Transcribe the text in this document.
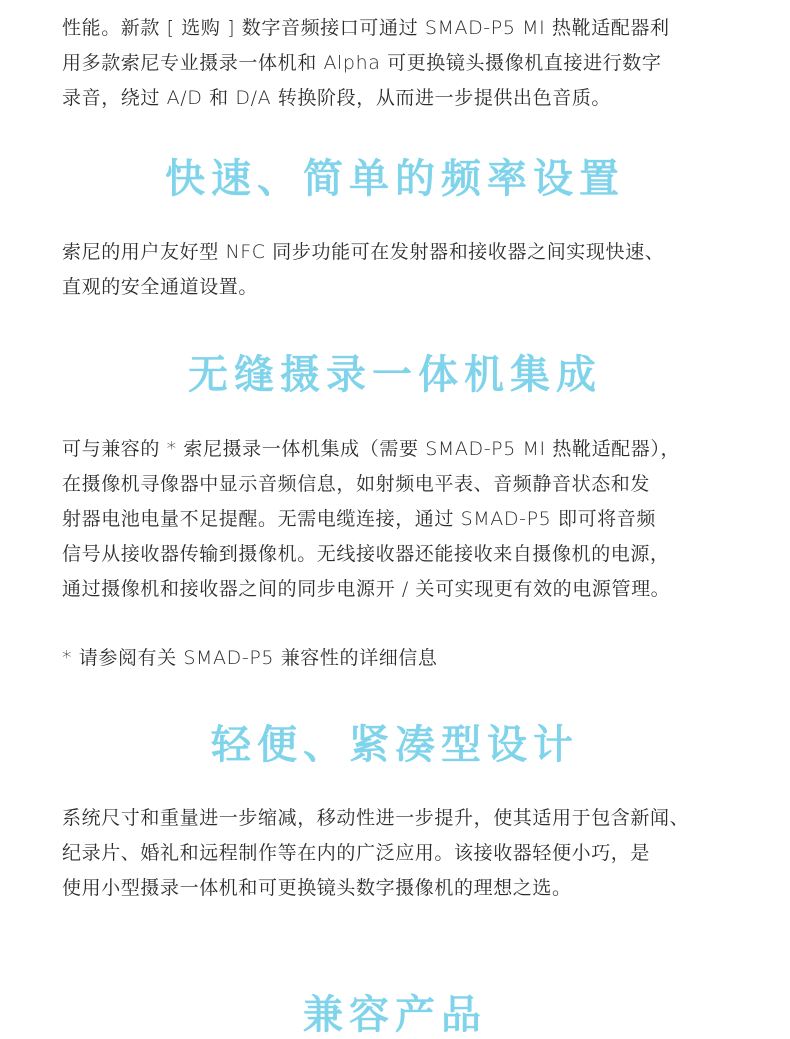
性能。新款 [ 选购 ] 数字音频接口可通过 SMAD-P5 MI 热靴适配器利
用多款索尼专业摄录一体机和 Alpha 可更换镜头摄像机直接进行数字
录音，绕过 A/D 和 D/A 转换阶段，从而进一步提供出色音质。

快速、简单的频率设置

索尼的用户友好型 NFC 同步功能可在发射器和接收器之间实现快速、
直观的安全通道设置。

无缝摄录一体机集成

可与兼容的 * 索尼摄录一体机集成（需要 SMAD-P5 MI 热靴适配器），
在摄像机寻像器中显示音频信息，如射频电平表、音频静音状态和发
射器电池电量不足提醒。无需电缆连接，通过 SMAD-P5 即可将音频
信号从接收器传输到摄像机。无线接收器还能接收来自摄像机的电源，
通过摄像机和接收器之间的同步电源开 / 关可实现更有效的电源管理。

* 请参阅有关 SMAD-P5 兼容性的详细信息

轻便、紧凑型设计

系统尺寸和重量进一步缩减，移动性进一步提升，使其适用于包含新闻、
纪录片、婚礼和远程制作等在内的广泛应用。该接收器轻便小巧，是
使用小型摄录一体机和可更换镜头数字摄像机的理想之选。

兼容产品
